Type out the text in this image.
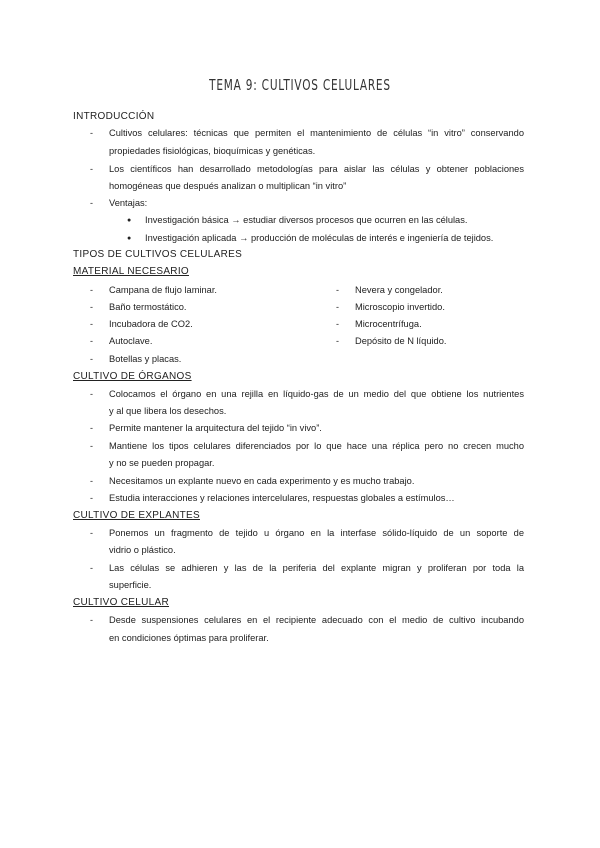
TEMA 9: CULTIVOS CELULARES
INTRODUCCIÓN
- Cultivos celulares: técnicas que permiten el mantenimiento de células “in vitro” conservando
propiedades fisiológicas, bioquímicas y genéticas.
- Los científicos han desarrollado metodologías para aislar las células y obtener poblaciones
homogéneas que después analizan o multiplican “in vitro”
- Ventajas:
● Investigación básica → estudiar diversos procesos que ocurren en las células.
● Investigación aplicada → producción de moléculas de interés e ingeniería de tejidos.
TIPOS DE CULTIVOS CELULARES
MATERIAL NECESARIO
- Campana de flujo laminar.
- Baño termostático.
- Incubadora de CO2.
- Autoclave.
- Botellas y placas.
- Nevera y congelador.
- Microscopio invertido.
- Microcentrífuga.
- Depósito de N líquido.
CULTIVO DE ÓRGANOS
- Colocamos el órgano en una rejilla en líquido-gas de un medio del que obtiene los nutrientes
y al que libera los desechos.
- Permite mantener la arquitectura del tejido “in vivo”.
- Mantiene los tipos celulares diferenciados por lo que hace una réplica pero no crecen mucho
y no se pueden propagar.
- Necesitamos un explante nuevo en cada experimento y es mucho trabajo.
- Estudia interacciones y relaciones intercelulares, respuestas globales a estímulos…
CULTIVO DE EXPLANTES
- Ponemos un fragmento de tejido u órgano en la interfase sólido-líquido de un soporte de
vidrio o plástico.
- Las células se adhieren y las de la periferia del explante migran y proliferan por toda la
superficie.
CULTIVO CELULAR
- Desde suspensiones celulares en el recipiente adecuado con el medio de cultivo incubando
en condiciones óptimas para proliferar.
